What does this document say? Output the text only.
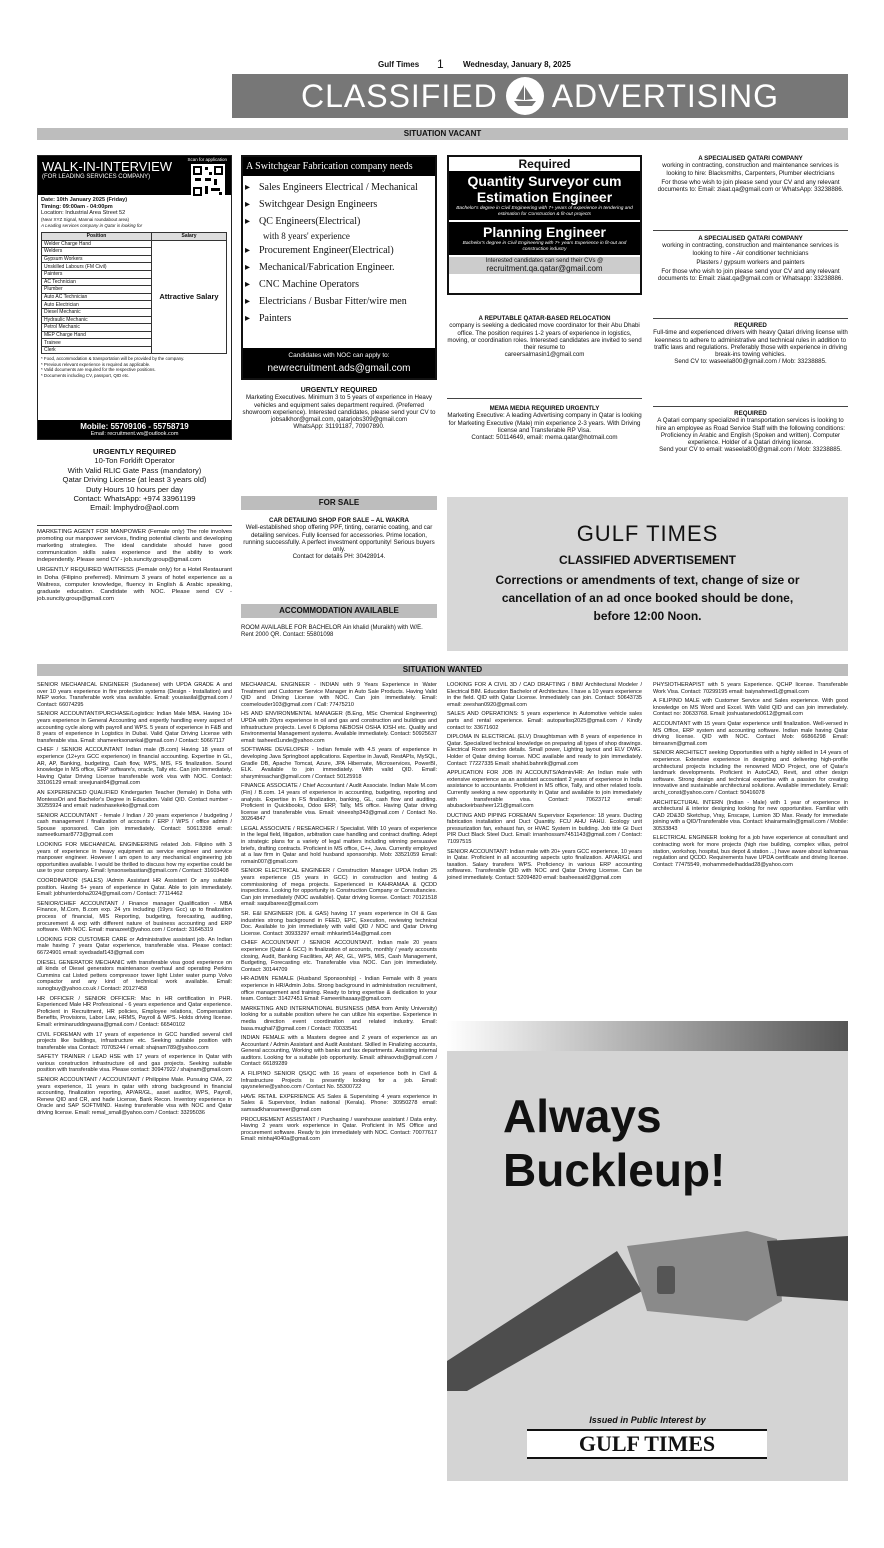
Gulf Times 1 Wednesday, January 8, 2025
CLASSIFIED ADVERTISING
SITUATION VACANT
WALK-IN-INTERVIEW
(FOR LEADING SERVICES COMPANY)
Scan for application
Date: 10th January 2025 (Friday)
Timing: 09:00am - 04:00pm
Location: Industrial Area Street 52
(Near XYZ Signal, Mannai roundabout area)
A Leading services company in Qatar is looking for
Position	Salary
Welder Charge Hand	Attractive Salary
Welders	
Gypsum Workers	
Unskilled Labours (FM Civil)	
Painters	
AC Technician	
Plumber	
Auto AC Technician	
Auto Electrician	
Diesel Mechanic	
Hydraulic Mechanic	
Petrol Mechanic	
MEP Charge Hand	
Trainee	
Clerk	
* Food, accommodation & transportation will be provided by the company.
* Previous relevant experience is required as applicable.
* Valid documents are required for the respective positions.
* Documents including CV, passport, QID etc.
Mobile: 55709106 - 55758719
Email: recruitment.ws@outlook.com
A Switchgear Fabrication company needs
▸ Sales Engineers Electrical / Mechanical
▸ Switchgear Design Engineers
▸ QC Engineers(Electrical)
with 8 years' experience
▸ Procurement Engineer(Electrical)
▸ Mechanical/Fabrication Engineer.
▸ CNC Machine Operators
▸ Electricians / Busbar Fitter/wire men
▸ Painters
Candidates with NOC can apply to:
newrecruitment.ads@gmail.com
URGENTLY REQUIRED
Marketing Executives. Minimum 3 to 5 years of experience in Heavy vehicles and equipment sales department required. (Preferred showroom experience). Interested candidates, please send your CV to
jobsalkhor@gmail.com, qatarjobs309@gmail.com
WhatsApp: 31191187, 70907890.
Required
Quantity Surveyor cum
Estimation Engineer
Bachelor's degree in Civil Engineering with 7+ years of experience in tendering and estimation for Construction & fit-out projects
Planning Engineer
Bachelor's degree in Civil Engineering with 7+ years Experience in fit-out and construction industry
Interested candidates can send their CVs @
recruitment.qa.qatar@gmail.com
A REPUTABLE QATAR-BASED RELOCATION
company is seeking a dedicated move coordinator for their Abu Dhabi office. The position requires 1-2 years of experience in logistics, moving, or coordination roles. Interested candidates are invited to send their resume to
careersalmasin1@gmail.com
MEMA MEDIA REQUIRED URGENTLY
Marketing Executive: A leading Advertising company in Qatar is looking for Marketing Executive (Male) min experience 2-3 years. With Driving license and Transferable RP Visa.
Contact: 50114649, email: mema.qatar@hotmail.com
A SPECIALISED QATARI COMPANY
working in contracting, construction and maintenance services is looking to hire: Blacksmiths, Carpenters, Plumber electricians
For those who wish to join please send your CV and any relevant documents to: Email: ziaat.qa@gmail.com or WhatsApp: 33238886.
A SPECIALISED QATARI COMPANY
working in contracting, construction and maintenance services is looking to hire - Air conditioner technicians
Plasters / gypsum workers and painters
For those who wish to join please send your CV and any relevant documents to: Email: ziaat.qa@gmail.com or Whatsapp: 33238886.
REQUIRED
Full-time and experienced drivers with heavy Qatari driving license with keenness to adhere to administrative and technical rules in addition to traffic laws and regulations. Preferably those with experience in driving break-ins towing vehicles.
Send CV to: waseela800@gmail.com / Mob: 33238885.
REQUIRED
A Qatari company specialized in transportation services is looking to hire an employee as Road Service Staff with the following conditions: Proficiency in Arabic and English (Spoken and written). Computer experience. Holder of a Qatari driving license.
Send your CV to email: waseela800@gmail.com / Mob: 33238885.
URGENTLY REQUIRED
10-Ton Forklift Operator
With Valid RLIC Gate Pass (mandatory)
Qatar Driving License (at least 3 years old)
Duty Hours 10 hours per day
Contact: WhatsApp: +974 33961199
Email: lmphydro@aol.com

MARKETING AGENT FOR MANPOWER (Female only) The role involves promoting our manpower services, finding potential clients and developing marketing strategies. The ideal candidate should have good communication skills sales experience and the ability to work independently. Please send CV - job.suncity.group@gmail.com

URGENTLY REQUIRED WAITRESS (Female only) for a Hotel Restaurant in Doha (Filipino preferred). Minimum 3 years of hotel experience as a Waitress, computer knowledge, fluency in English & Arabic speaking, graduate education. Candidate with NOC. Please send CV - job.suncity.group@gmail.com

FOR SALE
CAR DETAILING SHOP FOR SALE – AL WAKRA
Well-established shop offering PPF, tinting, ceramic coating, and car detailing services. Fully licensed for accessories. Prime location, running successfully. A perfect investment opportunity! Serious buyers only.
Contact for details PH: 30428914.
ACCOMMODATION AVAILABLE
ROOM AVAILABLE FOR BACHELOR Ain khalid (Muraikh) with W/E. Rent 2000 QR. Contact: 55801098
GULF TIMES
CLASSIFIED ADVERTISEMENT
Corrections or amendments of text, change of size or
cancellation of an ad once booked should be done,
before 12:00 Noon.
SITUATION WANTED

SENIOR MECHANICAL ENGINEER (Sudanese) with UPDA GRADE A and over 10 years experience in fire protection systems (Design - Installation) and MEP works. Transferable work visa available. Email: yousiasilal@gmail.com / Contact: 66074295

SENIOR ACCOUNTANT/PURCHASE/Logistics: Indian Male MBA. Having 10+ years experience in General Accounting and expertly handling every aspect of accounting cycle along with payroll and WPS. 5 years of experience in F&B and 8 years of experience in Logistics in Dubai. Valid Qatar Driving License with transferable visa. Email: shameerksonankal@gmail.com / Contact: 50667117

CHIEF / SENIOR ACCOUNTANT Indian male (B.com) Having 18 years of experience (12+yrs GCC experience) in financial accounting. Expertise in GL, AR, AP, Banking, budgeting, Cash flow, WPS, MIS, FS finalization. Sound knowledge in MS office, ERP software's, oracle, Tally etc. Can join immediately. Having Qatar Driving License transferable work visa with NOC. Contact: 33106129 email: sreejunair84@gmail.com

AN EXPERIENCED QUALIFIED Kindergarten Teacher (female) in Doha with MontessOri and Bachelor's Degree in Education. Valid QID. Contact number - 30255924 and email: nadeshasekeko@gmail.com

SENIOR ACCOUNTANT - female / Indian / 20 years experience / budgeting / cash management / finalization of accounts / ERP / WPS / office admin / Spouse sponsored. Can join immediately. Contact: 50613398 email: sameetkumar8773@gmail.com

LOOKING FOR MECHANICAL ENGINEERING related Job. Filipino with 3 years of experience in heavy equipment as service engineer and service manpower engineer. However I am open to any mechanical engineering job opportunities available. I would be thrilled to discuss how my expertise could be use to your company. Email: lynsonsebastian@gmail.com / Contact: 31603408

COORDINATOR (SALES) /Admin Assistant HR Assistant Or any suitable position. Having 5+ years of experience in Qatar. Able to join immediately. Email: jobhunterdoha2024@gmail.com / Contact: 77114462

SENIOR/CHIEF ACCOUNTANT / Finance manager Qualification - MBA Finance, M.Com, B.com exp. 24 yrs including (19yrs Gcc) up to finalization process of financial, MIS Reporting, budgeting, forecasting, auditing, procurement & exp with different nature of business accounting and ERP software. With NOC. Email: manazeet@yahoo.com / Contact: 31645319

LOOKING FOR CUSTOMER CARE or Administrative assistant job. An Indian male having 7 years Qatar experience, transferable visa. Please contact: 66724901 email: syedsadaf143@gmail.com

DIESEL GENERATOR MECHANIC with transferable visa good experience on all kinds of Diesel generators maintenance overhaul and operating Perkins Cummins cat Listed petters compressor tower light Lister water pump Volvo compactor and any kind of technical work available. Email: sunogbuy@yahoo.co.uk / Contact: 20127458

HR OFFICER / SENIOR OFFICER: Msc in HR certification in PHR. Experienced Male HR Professional - 6 years experience and Qatar experience. Proficient in Recruitment, HR policies, Employee relations, Compensation Benefits, Provisions, Labor Law, HRMS, Payroll & WPS. Holds driving license. Email: eriminaruddingwana@gmail.com / Contact: 66540102

CIVIL FOREMAN with 17 years of experience in GCC handled several civil projects like buildings, infrastructure etc. Seeking suitable position with transferable visa Contact: 70705244 / email: shajnam789@yahoo.com

SAFETY TRAINER / LEAD HSE with 17 years of experience in Qatar with various construction infrastructure oil and gas projects. Seeking suitable position with transferable visa. Please contact: 30947922 / shajnam@gmail.com

SENIOR ACCOUNTANT / ACCOUNTANT / Philippine Male. Pursuing CMA, 22 years experience, 11 years in qatar with strong background in financial accounting, finalization reporting, AP/AR/GL, asset auditor, WPS, Payroll, Renew QID and CR, and hade License, Bank Recon. Inventory experience in Oracle and SAP SOFTMIND. Having transferable visa with NOC and Qatar driving license. Email: remal_small@yahoo.com / Contact: 33295036

MECHANICAL ENGINEER - INDIAN with 9 Years Experience in Water Treatment and Customer Service Manager in Auto Sale Products. Having Valid QID and Driving License with NOC. Can join immediately. Email: cosmelouder103@gmail.com / Call: 77475210

HS AND ENVIRONMENTAL MANAGER (B.Eng, MSc Chemical Engineering) UPDA with 20yrs experience in oil and gas and construction and buildings and infrastructure projects. Level 6 Diploma NEBOSH OSHA IOSH etc. Quality and Environmental Management systems. Available immediately. Contact: 50925637 email: tasheed1unde@yahoo.com

SOFTWARE DEVELOPER - Indian female with 4.5 years of experience in developing Java Springboot applications. Expertise in Java8, RestAPIs, MySQL, Gradle DB, Apache Tomcat, Azure, JPA Hibernate, Microservices, PowerBI, ELK. Available to join immediately. With valid QID. Email: sharyminsachar@gmail.com / Contact: 50125918

FINANCE ASSOCIATE / Chief Accountant / Audit Associate. Indian Male M.com (Fin) / B.com. 14 years of experience in accounting, budgeting, reporting and analysis. Expertise in FS finalization, banking, GL, cash flow and auditing. Proficient in Quickbooks, Odoo ERP, Tally, MS office. Having Qatar driving license and transferable visa. Email: vineeshp343@gmail.com / Contact No. 30264847

LEGAL ASSOCIATE / RESEARCHER / Specialist. With 10 years of experience in the legal field, litigation, arbitration case handling and contract drafting. Adept in strategic plans for a variety of legal matters including winning persuasive briefs, drafting contracts. Proficient in MS office, C++, Java. Currently employed at a law firm in Qatar and hold husband sponsorship. Mob: 33521059 Email: romain007@gmail.com

SENIOR ELECTRICAL ENGINEER / Construction Manager UPDA Indian 25 years experience (15 years in GCC) in construction and testing & commissioning of mega projects. Experienced in KAHRAMAA & QCDD inspections. Looking for opportunity in Construction Company or Consultancies. Can join immediately (NOC available). Qatar driving license. Contact: 70121518 email: saquibareez@gmail.com

SR. E&I ENGINEER (OIL & GAS) having 17 years experience in Oil & Gas industries strong background in FEED, EPC, Execution, reviewing technical Doc. Available to join immediately with valid QID / NOC and Qatar Driving License. Contact: 30933297 email: mhkarim514a@gmail.com

CHIEF ACCOUNTANT / SENIOR ACCOUNTANT. Indian male 20 years experience (Qatar & GCC) in finalization of accounts, monthly / yearly accounts closing, Audit, Banking Facilities, AP, AR, GL, WPS, MIS, Cash Management, Budgeting, Forecasting etc. Transferable visa NOC. Can join immediately. Contact: 30144709

HR-ADMIN FEMALE (Husband Sponsorship) - Indian Female with 8 years experience in HR/Admin Jobs. Strong background in administration recruitment, office management and training. Ready to bring expertise & dedication to your team. Contact: 31427451 Email: Fameeriihasaay@gmail.com

MARKETING AND INTERNATIONAL BUSINESS (MBA from Amity University) looking for a suitable position where he can utilize his expertise. Experience in media direction event coordination and related industry. Email: basa.mughal7@gmail.com / Contact: 70033541

INDIAN FEMALE with a Masters degree and 2 years of experience as an Accountant / Admin Assistant and Audit Assistant. Skilled in Finalizing accounts, General accounting, Working with banks and tax departments. Assisting internal auditors. Looking for a suitable job opportunity. Email: athiraovds@gmail.com / Contact: 66189289

A FILIPINO SENIOR QS/QC with 16 years of experience both in Civil & Infrastructure Projects is presently looking for a job. Email: qaysnelene@yahoo.com / Contact No. 55300722

HAVE RETAIL EXPERIENCE AS Sales & Supervising 4 years experience in Sales & Supervisor, Indian national (Kerala). Phone: 30950278 email: samsadkhansameer@gmail.com

PROCUREMENT ASSISTANT / Purchasing / warehouse assistant / Data entry. Having 2 years work experience in Qatar. Proficient in MS Office and procurement software. Ready to join immediately with NOC. Contact: 70077617 Email: minhaj4040a@gmail.com

LOOKING FOR A CIVIL 3D / CAD DRAFTING / BIM/ Architectural Modeler / Electrical BIM. Education Bachelor of Architecture. I have a 10 years experience in the field. QID with Qatar License. Immediately can join. Contact: 50643735 email: zeeshan0920@gmail.com

SALES AND OPERATIONS: 5 years experience in Automotive vehicle sales parts and rental experience. Email: autoparlisq2025@gmail.com / Kindly contact to: 33671602

DIPLOMA IN ELECTRICAL (ELV) Draughtsman with 8 years of experience in Qatar. Specialized technical knowledge on preparing all types of shop drawings. Electrical Room section details. Small power, Lighting layout and ELV DWG. Holder of Qatar driving license. NOC available and ready to join immediately. Contact: 77227335 Email: shahid.bahnrik@gmail.com

APPLICATION FOR JOB IN ACCOUNTS/Admin/HR: An Indian male with extensive experience as an assistant accountant 2 years of experience in India assistance to accountants. Proficient in MS office, Tally, and other related tools. Currently seeking a new opportunity in Qatar and available to join immediately with transferable visa. Contact: 70623712 email: abubackeirbasheer121@gmail.com

DUCTING AND PIPING FOREMAN Supervisor Experience: 18 years. Ducting fabrication installation and Duct Quantity. FCU AHU FAHU. Ecology unit pressurization fan, exhaust fan, or HVAC System in building. Job title Gi Duct PIR Duct Black Steel Duct. Email: irnanhossam7451143@gmail.com / Contact: 71097515

SENIOR ACCOUNTANT: Indian male with 20+ years GCC experience, 10 years in Qatar. Proficient in all accounting aspects upto finalization. AP/AR/GL and taxation. Salary transfers WPS. Proficiency in various ERP accounting softwares. Transferable QID with NOC and Qatar Driving License. Can be joined immediately. Contact: 52094820 email: basheesaid2@gmail.com

PHYSIOTHERAPIST with 5 years Experience. QCHP license. Transferable Work Visa. Contact: 70299195 email: baiynahmed1@gmail.com

A FILIPINO MALE with Customer Service and Sales experience. With good knowledge on MS Word and Excel. With Valid QID and can join immediately. Contact no: 30633768. Email: joshuatanedo0612@gmail.com

ACCOUNTANT with 15 years Qatar experience until finalization. Well-versed in MS Office, ERP system and accounting software. Indian male having Qatar driving license. QID with NOC. Contact Mob: 66866298 Email: bimsanvn@gmail.com

SENIOR ARCHITECT seeking Opportunities with a highly skilled in 14 years of experience. Extensive experience in designing and delivering high-profile architectural projects including the renowned MDD Project, one of Qatar's landmark developments. Proficient in AutoCAD, Revit, and other design software. Strong design and technical expertise with a passion for creating innovative and sustainable architectural solutions. Available immediately. Email: archi_const@yahoo.com / Contact: 50416078

ARCHITECTURAL INTERN (Indian - Male) with 1 year of experience in architectural & interior designing looking for new opportunities. Familiar with CAD 2D&3D Sketchup, Vray, Enscape, Lumion 3D Max. Ready for immediate joining with a QID/Transferable visa. Contact: khairarmalin@gmail.com / Mobile: 30533843

ELECTRICAL ENGINEER looking for a job have experience at consultant and contracting work for more projects (high rise building, complex villas, petrol station, workshop, hospital, bus depot & station ...) have aware about kahramaa regulation and QCDD. Requirements have UPDA certificate and driving license. Contact: 77475549, mohammedelhaddad28@yahoo.com

Always
Buckleup!
Issued in Public Interest by
GULF TIMES
